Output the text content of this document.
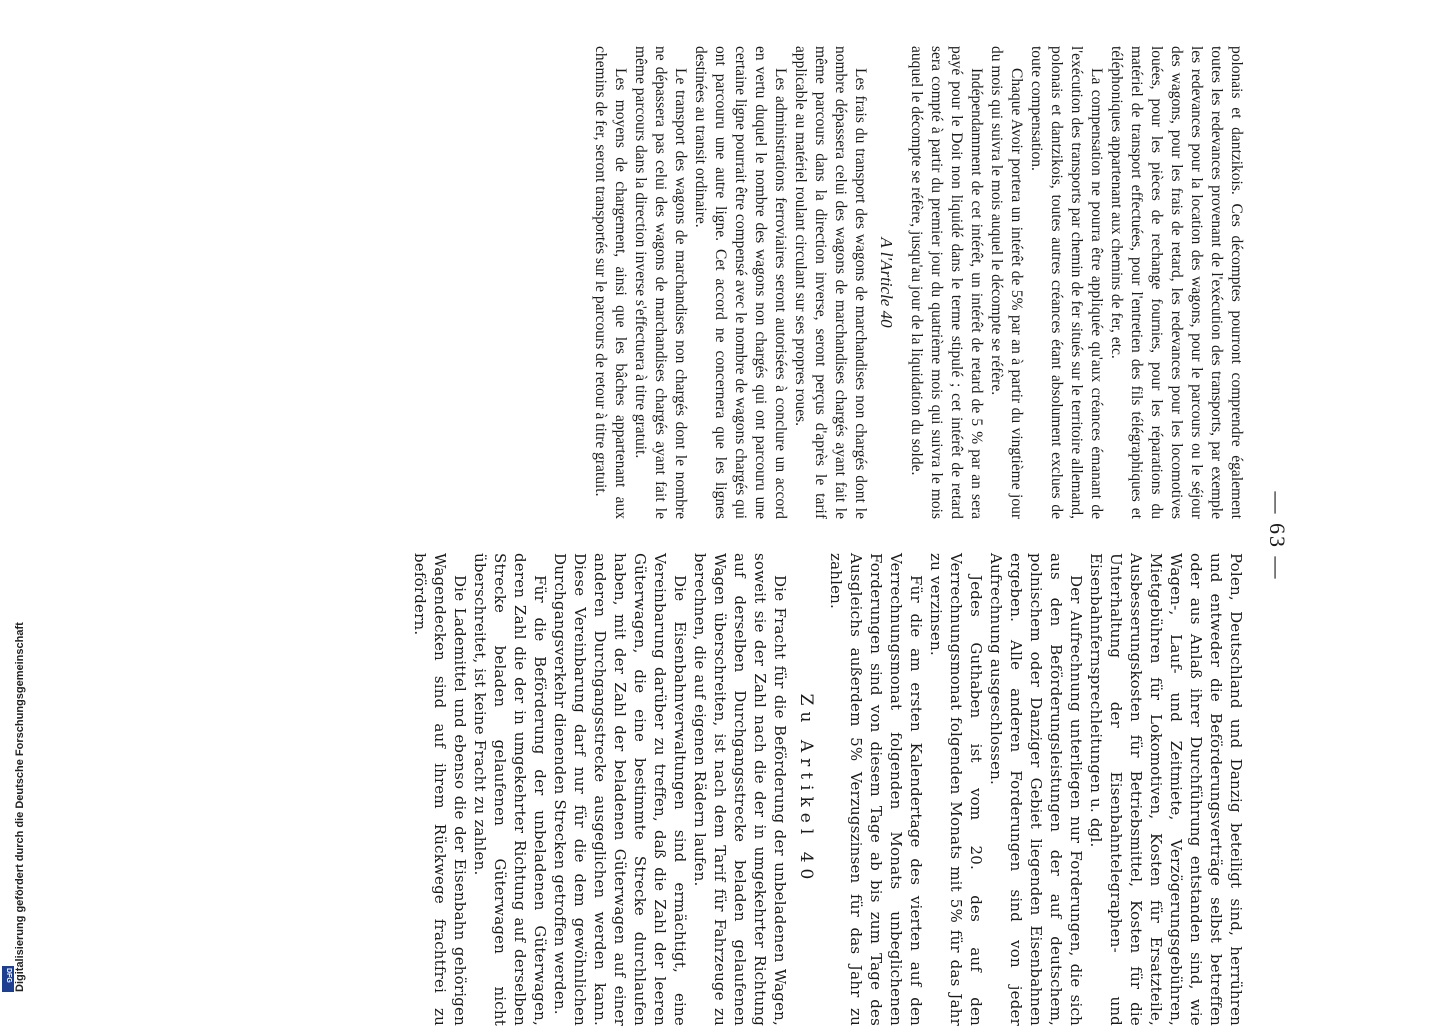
— 63 —

polonais et dantzikois. Ces décomptes pourront comprendre également toutes les redevances provenant de l'exécution des transports, par exemple les redevances pour la location des wagons, pour le parcours ou le séjour des wagons, pour les frais de retard, les redevances pour les locomotives louées, pour les pièces de rechange fournies, pour les réparations du matériel de transport effectuées, pour l'entretien des fils télégraphiques et téléphoniques appartenant aux chemins de fer, etc.

La compensation ne pourra être appliquée qu'aux créances émanant de l'exécution des transports par chemin de fer situés sur le territoire allemand, polonais et dantzikois, toutes autres créances étant absolument exclues de toute compensation.

Chaque Avoir portera un intérêt de 5% par an à partir du vingtième jour du mois qui suivra le mois auquel le décompte se réfère.

Indépendamment de cet intérêt, un intérêt de retard de 5 % par an sera payé pour le Doit non liquidé dans le terme stipulé ; cet intérêt de retard sera compté à partir du premier jour du quatrième mois qui suivra le mois auquel le décompte se réfère, jusqu'au jour de la liquidation du solde.

A l'Article 40

Les frais du transport des wagons de marchandises non chargés dont le nombre dépassera celui des wagons de marchandises chargés ayant fait le même parcours dans la direction inverse, seront perçus d'après le tarif applicable au matériel roulant circulant sur ses propres roues.

Les administrations ferroviaires seront autorisées à conclure un accord en vertu duquel le nombre des wagons non chargés qui ont parcouru une certaine ligne pourrait être compensé avec le nombre de wagons chargés qui ont parcouru une autre ligne. Cet accord ne concernera que les lignes destinées au transit ordinaire.

Le transport des wagons de marchandises non chargés dont le nombre ne dépassera pas celui des wagons de marchandises chargés ayant fait le même parcours dans la direction inverse s'effectuera à titre gratuit.

Les moyens de chargement, ainsi que les bâches appartenant aux chemins de fer, seront transportés sur le parcours de retour à titre gratuit.

Polen, Deutschland und Danzig beteiligt sind, herrühren und entweder die Beförderungsverträge selbst betreffen oder aus Anlaß ihrer Durchführung entstanden sind, wie Wagen-, Lauf- und Zeitmiete, Verzögerungsgebühren, Mietgebühren für Lokomotiven, Kosten für Ersatzteile, Ausbesserungskosten für Betriebsmittel, Kosten für die Unterhaltung der Eisenbahntelegraphen- und Eisenbahnfernsprechleitungen u. dgl.

Der Aufrechnung unterliegen nur Forderungen, die sich aus den Beförderungsleistungen der auf deutschem, polnischem oder Danziger Gebiet liegenden Eisenbahnen ergeben. Alle anderen Forderungen sind von jeder Aufrechnung ausgeschlossen.

Jedes Guthaben ist vom 20. des auf den Verrechnungsmonat folgenden Monats mit 5% für das Jahr zu verzinsen.

Für die am ersten Kalendertage des vierten auf den Verrechnungsmonat folgenden Monats unbeglichenen Forderungen sind von diesem Tage ab bis zum Tage des Ausgleichs außerdem 5% Verzugszinsen für das Jahr zu zahlen.

Zu Artikel 40

Die Fracht für die Beförderung der unbeladenen Wagen, soweit sie der Zahl nach die der in umgekehrter Richtung auf derselben Durchgangsstrecke beladen gelaufenen Wagen überschreiten, ist nach dem Tarif für Fahrzeuge zu berechnen, die auf eigenen Rädern laufen.

Die Eisenbahnverwaltungen sind ermächtigt, eine Vereinbarung darüber zu treffen, daß die Zahl der leeren Güterwagen, die eine bestimmte Strecke durchlaufen haben, mit der Zahl der beladenen Güterwagen auf einer anderen Durchgangsstrecke ausgeglichen werden kann. Diese Vereinbarung darf nur für die dem gewöhnlichen Durchgangsverkehr dienenden Strecken getroffen werden.

Für die Beförderung der unbeladenen Güterwagen, deren Zahl die der in umgekehrter Richtung auf derselben Strecke beladen gelaufenen Güterwagen nicht überschreitet, ist keine Fracht zu zahlen.

Die Lademittel und ebenso die der Eisenbahn gehörigen Wagendecken sind auf ihrem Rückwege frachtfrei zu befördern.

Digitalisierung gefördert durch die Deutsche Forschungsgemeinschaft
DFG
